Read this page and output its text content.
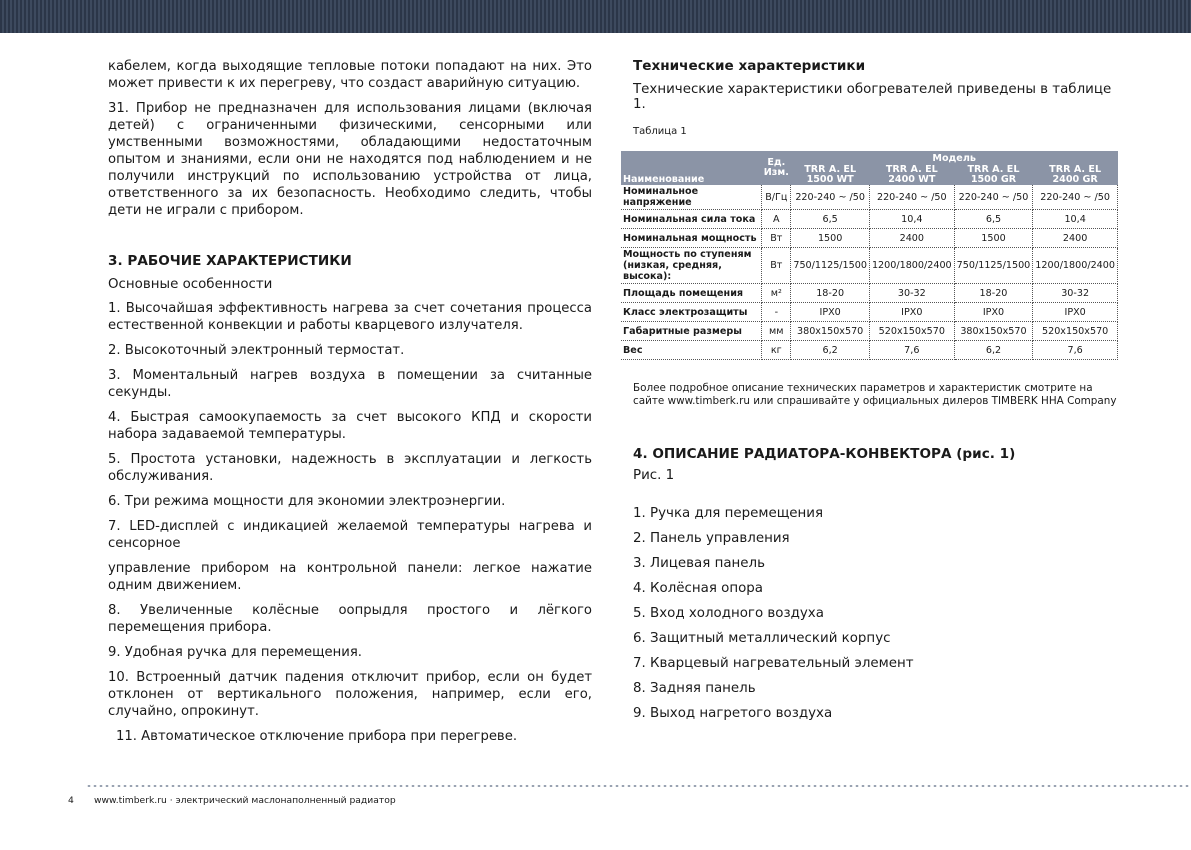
кабелем, когда выходящие тепловые потоки попадают на них. Это может привести к их перегреву, что создаст аварийную ситуацию.

31. Прибор не предназначен для использования лицами (включая детей) с ограниченными физическими, сенсорными или умственными возможностями, обладающими недостаточным опытом и знаниями, если они не находятся под наблюдением и не получили инструкций по использованию устройства от лица, ответственного за их безопасность. Необходимо следить, чтобы дети не играли с прибором.

3. РАБОЧИЕ ХАРАКТЕРИСТИКИ
Основные особенности

1. Высочайшая эффективность нагрева за счет сочетания процесса естественной конвекции и работы кварцевого излучателя.

2. Высокоточный электронный термостат.

3. Моментальный нагрев воздуха в помещении за считанные секунды.

4. Быстрая самоокупаемость за счет высокого КПД и скорости набора задаваемой температуры.

5. Простота установки, надежность в эксплуатации и легкость обслуживания.

6. Три режима мощности для экономии электроэнергии.

7. LED-дисплей с индикацией желаемой температуры нагрева и сенсорное

управление прибором на контрольной панели: легкое нажатие одним движением.

8. Увеличенные колёсные оопрыдля простого и лёгкого перемещения прибора.

9. Удобная ручка для перемещения.

10. Встроенный датчик падения отключит прибор, если он будет отклонен от вертикального положения, например, если его, случайно, опрокинут.

11. Автоматическое отключение прибора при перегреве.

Технические характеристики
Технические характеристики обогревателей приведены в таблице 1.
Таблица 1
Наименование	Ед. Изм.	Модель			
		TRR A. EL 1500 WT	TRR A. EL 2400 WT	TRR A. EL 1500 GR	TRR A. EL 2400 GR
Номинальное напряжение	В/Гц	220-240 ~ /50	220-240 ~ /50	220-240 ~ /50	220-240 ~ /50
Номинальная сила тока	А	6,5	10,4	6,5	10,4
Номинальная мощность	Вт	1500	2400	1500	2400
Мощность по ступеням (низкая, средняя, высока):	Вт	750/1125/1500	1200/1800/2400	750/1125/1500	1200/1800/2400
Площадь помещения	м²	18-20	30-32	18-20	30-32
Класс электрозащиты	-	IPX0	IPX0	IPX0	IPX0
Габаритные размеры	мм	380x150x570	520x150x570	380x150x570	520x150x570
Вес	кг	6,2	7,6	6,2	7,6
Более подробное описание технических параметров и характеристик смотрите на сайте www.timberk.ru или спрашивайте у официальных дилеров TIMBERK HHA Company
4. ОПИСАНИЕ РАДИАТОРА-КОНВЕКТОРА (рис. 1)
Рис. 1
1. Ручка для перемещения
2. Панель управления
3. Лицевая панель
4. Колёсная опора
5. Вход холодного воздуха
6. Защитный металлический корпус
7. Кварцевый нагревательный элемент
8. Задняя панель
9. Выход нагретого воздуха
4 www.timberk.ru · электрический маслонаполненный радиатор
